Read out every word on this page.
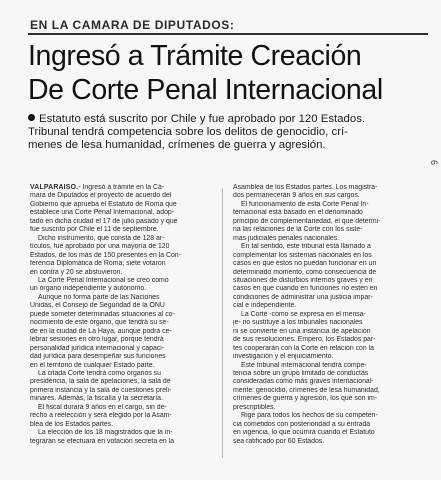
EN LA CAMARA DE DIPUTADOS:
Ingresó a Trámite Creación
De Corte Penal Internacional
Estatuto está suscrito por Chile y fue aprobado por 120 Estados.
Tribunal tendrá competencia sobre los delitos de genocidio, crí-
menes de lesa humanidad, crímenes de guerra y agresión.
6
VALPARAISO.- Ingresó a trámite en la Cá-
mara de Diputados el proyecto de acuerdo del
Gobierno que aprueba el Estatuto de Roma que
establece una Corte Penal Internacional, adop-
tado en dicha ciudad el 17 de julio pasado y que
fue suscrito por Chile el 11 de septiembre.
Dicho instrumento, que consta de 128 ar-
tículos, fue aprobado por una mayoría de 120
Estados, de los más de 150 presentes en la Con-
ferencia Diplomática de Roma; siete votaron
en contra y 20 se abstuvieron.
La Corte Penal Internacional se creó como
un órgano independiente y autónomo.
Aunque no forma parte de las Naciones
Unidas, el Consejo de Seguridad de la ONU
puede someter determinadas situaciones al co-
nocimiento de este órgano, que tendrá su se-
de en la ciudad de La Haya, aunque podrá ce-
lebrar sesiones en otro lugar, porque tendrá
personalidad jurídica internacional y capaci-
dad jurídica para desempeñar sus funciones
en el territorio de cualquier Estado parte.
La citada Corte tendrá como órganos su
presidencia, la sala de apelaciones, la sala de
primera instancia y la sala de cuestiones preli-
minares. Además, la fiscalía y la secretaría.
El fiscal durará 9 años en el cargo, sin de-
recho a reelección y será elegido por la Asam-
blea de los Estados partes.
La elección de los 18 magistrados que la in-
tegrarán se efectuará en votación secreta en la
Asamblea de los Estados partes. Los magistra-
dos permanecerán 9 años en sus cargos.
El funcionamiento de esta Corte Penal In-
ternacional está basado en el denominado
principio de complementariedad, el que determi-
na las relaciones de la Corte con los siste-
mas judiciales penales nacionales.
En tal sentido, este tribunal está llamado a
complementar los sistemas nacionales en los
casos en que éstos no puedan funcionar en un
determinado momento, como consecuencia de
situaciones de disturbios internos graves y en
casos en que cuando en funciones no estén en
condiciones de administrar una justicia impar-
cial e independiente.
La Corte -como se expresa en el mensa-
je- no sustituye a los tribunales nacionales
ni se convierte en una instancia de apelación
de sus resoluciones. Empero, los Estados par-
tes cooperarán con la Corte en relación con la
investigación y el enjuiciamiento.
Este tribunal internacional tendrá compe-
tencia sobre un grupo limitado de conductas
consideradas como más graves internacional-
mente: genocidio, crímenes de lesa humanidad,
crímenes de guerra y agresión, los que son im-
prescriptibles.
Rige para todos los hechos de su competen-
cia cometidos con posterioridad a su entrada
en vigencia, lo que ocurrirá cuando el Estatuto
sea ratificado por 60 Estados.
